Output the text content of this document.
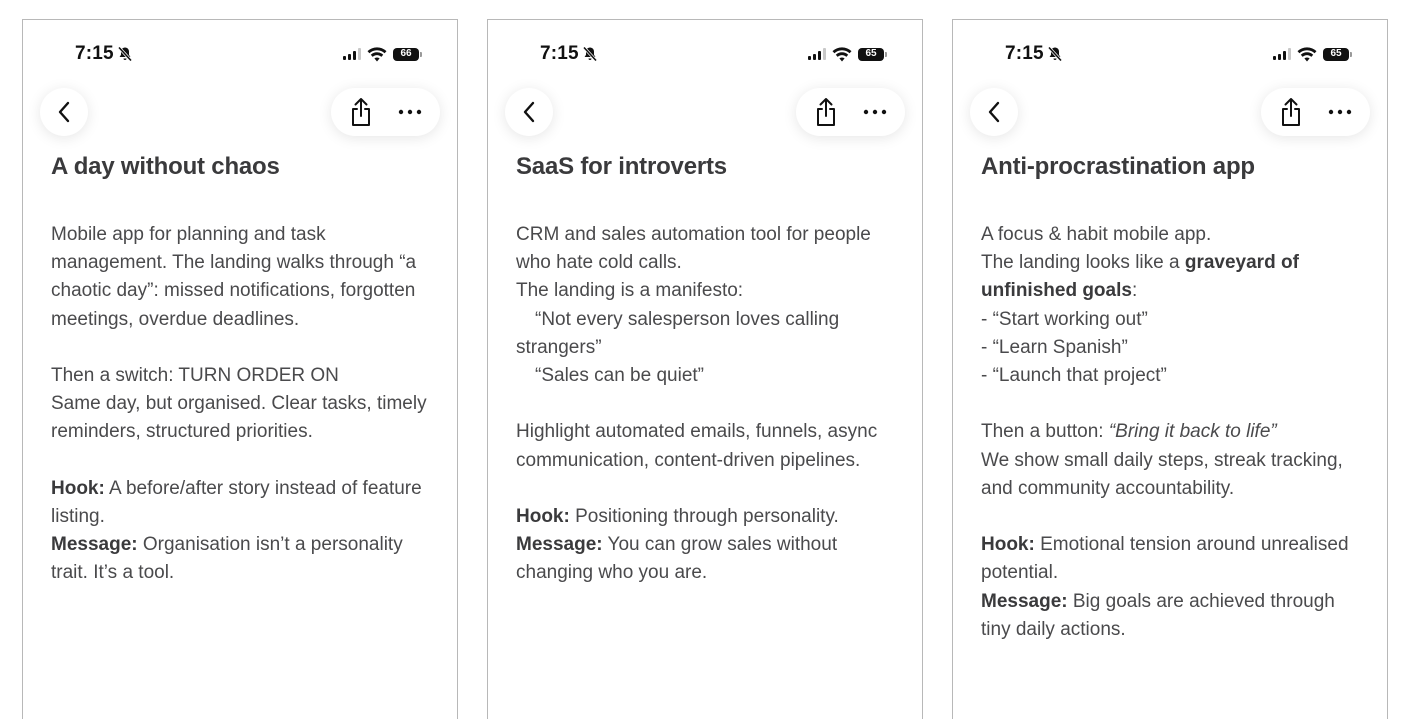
7:15	66
A day without chaos

Mobile app for planning and task management. The landing walks through “a chaotic day”: missed notifications, forgotten meetings, overdue deadlines.

Then a switch: TURN ORDER ON
Same day, but organised. Clear tasks, timely reminders, structured priorities.

Hook: A before/after story instead of feature listing.
Message: Organisation isn’t a personality trait. It’s a tool.

7:15	65
SaaS for introverts

CRM and sales automation tool for people who hate cold calls.
The landing is a manifesto:
“Not every salesperson loves calling strangers”
“Sales can be quiet”

Highlight automated emails, funnels, async communication, content-driven pipelines.

Hook: Positioning through personality.
Message: You can grow sales without changing who you are.

7:15	65
Anti-procrastination app

A focus & habit mobile app.
The landing looks like a graveyard of unfinished goals:
- “Start working out”
- “Learn Spanish”
- “Launch that project”

Then a button: “Bring it back to life”
We show small daily steps, streak tracking, and community accountability.

Hook: Emotional tension around unrealised potential.
Message: Big goals are achieved through tiny daily actions.
